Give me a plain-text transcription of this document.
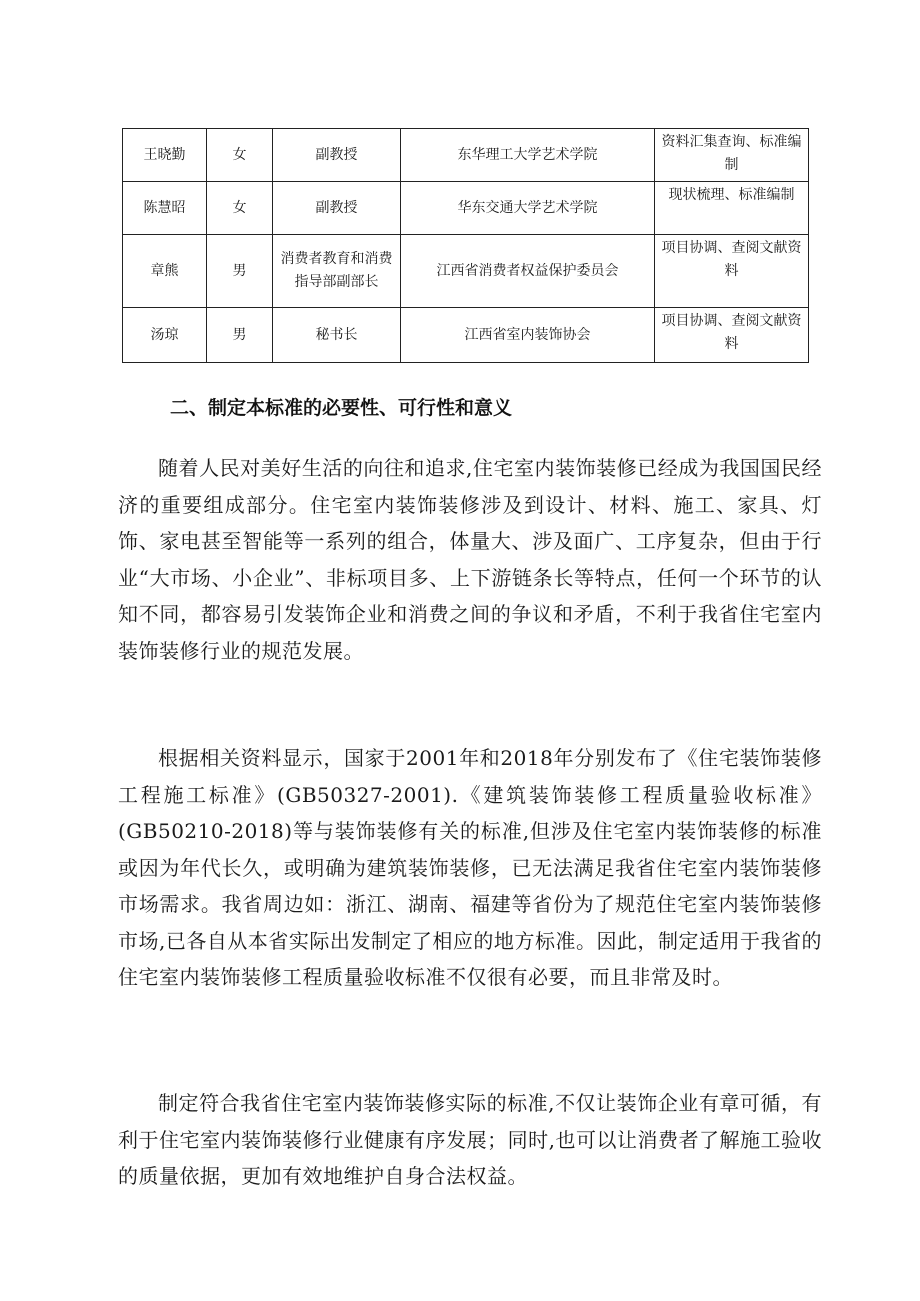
王晓勤	女	副教授	东华理工大学艺术学院	资料汇集查询、标准编制
陈慧昭	女	副教授	华东交通大学艺术学院	现状梳理、标准编制
章熊	男	消费者教育和消费指导部副部长	江西省消费者权益保护委员会	项目协调、查阅文献资料
汤琼	男	秘书长	江西省室内装饰协会	项目协调、查阅文献资料
二、制定本标准的必要性、可行性和意义

随着人民对美好生活的向往和追求,住宅室内装饰装修已经成为我国国民经济的重要组成部分。住宅室内装饰装修涉及到设计、材料、施工、家具、灯饰、家电甚至智能等一系列的组合，体量大、涉及面广、工序复杂，但由于行业“大市场、小企业”、非标项目多、上下游链条长等特点，任何一个环节的认知不同，都容易引发装饰企业和消费之间的争议和矛盾，不利于我省住宅室内装饰装修行业的规范发展。

根据相关资料显示，国家于2001年和2018年分别发布了《住宅装饰装修工程施工标准》(GB50327-2001).《建筑装饰装修工程质量验收标准》(GB50210-2018)等与装饰装修有关的标准,但涉及住宅室内装饰装修的标准或因为年代长久，或明确为建筑装饰装修，已无法满足我省住宅室内装饰装修市场需求。我省周边如：浙江、湖南、福建等省份为了规范住宅室内装饰装修市场,已各自从本省实际出发制定了相应的地方标准。因此，制定适用于我省的住宅室内装饰装修工程质量验收标准不仅很有必要，而且非常及时。

制定符合我省住宅室内装饰装修实际的标准,不仅让装饰企业有章可循，有利于住宅室内装饰装修行业健康有序发展；同时,也可以让消费者了解施工验收的质量依据，更加有效地维护自身合法权益。
